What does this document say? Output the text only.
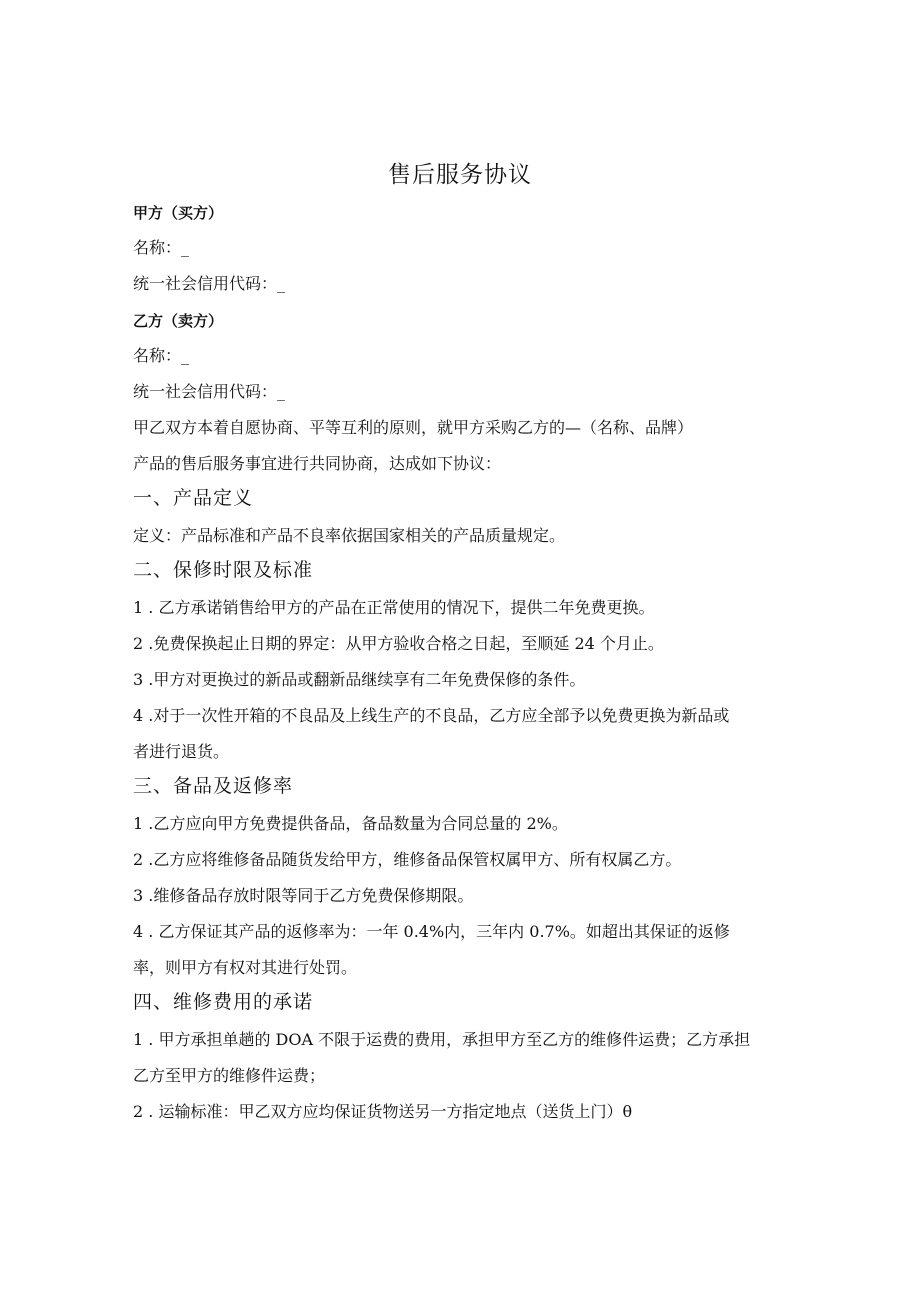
售后服务协议
甲方（买方）
名称：_
统一社会信用代码：_
乙方（卖方）
名称：_
统一社会信用代码：_
甲乙双方本着自愿协商、平等互利的原则，就甲方采购乙方的—（名称、品牌）
产品的售后服务事宜进行共同协商，达成如下协议：
一、产品定义
定义：产品标准和产品不良率依据国家相关的产品质量规定。
二、保修时限及标准
1 . 乙方承诺销售给甲方的产品在正常使用的情况下，提供二年免费更换。
2 .免费保换起止日期的界定：从甲方验收合格之日起，至顺延 24 个月止。
3 .甲方对更换过的新品或翻新品继续享有二年免费保修的条件。
4 .对于一次性开箱的不良品及上线生产的不良品，乙方应全部予以免费更换为新品或
者进行退货。
三、备品及返修率
1 .乙方应向甲方免费提供备品，备品数量为合同总量的 2%。
2 .乙方应将维修备品随货发给甲方，维修备品保管权属甲方、所有权属乙方。
3 .维修备品存放时限等同于乙方免费保修期限。
4 . 乙方保证其产品的返修率为：一年 0.4%内，三年内 0.7%。如超出其保证的返修
率，则甲方有权对其进行处罚。
四、维修费用的承诺
1 . 甲方承担单趟的 DOA 不限于运费的费用，承担甲方至乙方的维修件运费；乙方承担
乙方至甲方的维修件运费；
2 . 运输标准：甲乙双方应均保证货物送另一方指定地点（送货上门）θ
